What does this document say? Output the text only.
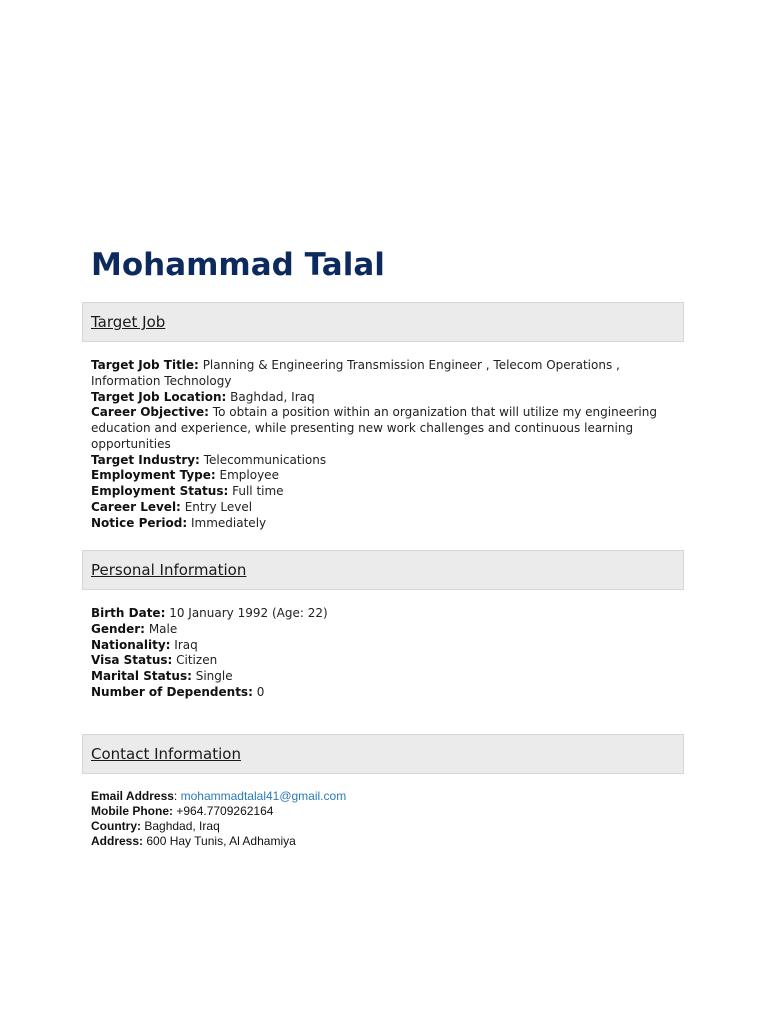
Mohammad Talal
Target Job
Target Job Title: Planning & Engineering Transmission Engineer , Telecom Operations , Information Technology
Target Job Location: Baghdad, Iraq
Career Objective: To obtain a position within an organization that will utilize my engineering education and experience, while presenting new work challenges and continuous learning opportunities
Target Industry: Telecommunications
Employment Type: Employee
Employment Status: Full time
Career Level: Entry Level
Notice Period: Immediately
Personal Information
Birth Date: 10 January 1992 (Age: 22)
Gender: Male
Nationality: Iraq
Visa Status: Citizen
Marital Status: Single
Number of Dependents: 0
Contact Information
Email Address: mohammadtalal41@gmail.com
Mobile Phone: +964.7709262164
Country: Baghdad, Iraq
Address: 600 Hay Tunis, Al Adhamiya
